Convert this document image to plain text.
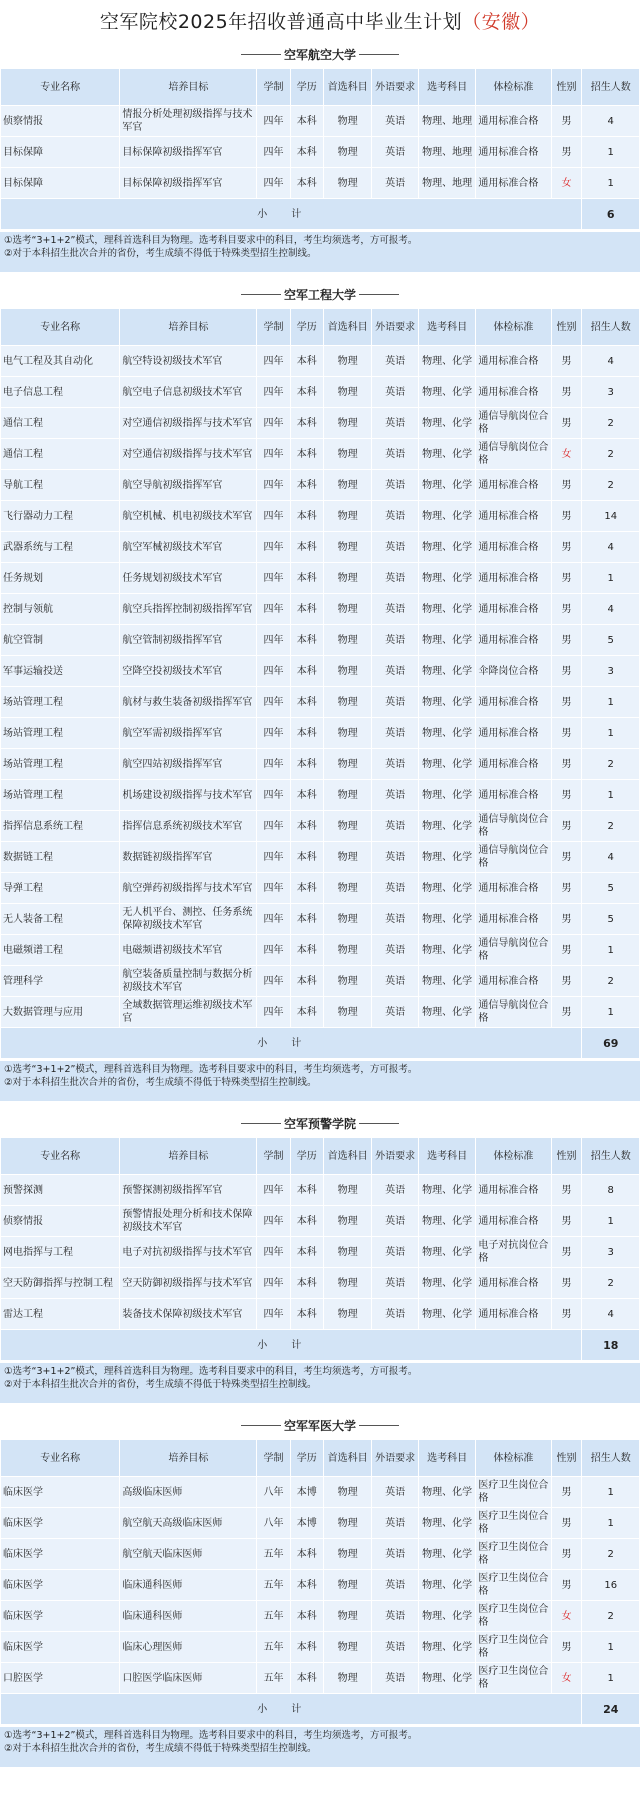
空军院校2025年招收普通高中毕业生计划 （安徽）
空军航空大学
专业名称	培养目标	学制	学历	首选科目	外语要求	选考科目	体检标准	性别	招生人数
侦察情报	情报分析处理初级指挥与技术军官	四年	本科	物理	英语	物理、地理	通用标准合格	男	4
目标保障	目标保障初级指挥军官	四年	本科	物理	英语	物理、地理	通用标准合格	男	1
目标保障	目标保障初级指挥军官	四年	本科	物理	英语	物理、地理	通用标准合格	女	1
小计									6
①选考“3+1+2”模式，理科首选科目为物理。选考科目要求中的科目，考生均须选考，方可报考。
②对于本科招生批次合并的省份，考生成绩不得低于特殊类型招生控制线。
空军工程大学
专业名称	培养目标	学制	学历	首选科目	外语要求	选考科目	体检标准	性别	招生人数
电气工程及其自动化	航空特设初级技术军官	四年	本科	物理	英语	物理、化学	通用标准合格	男	4
电子信息工程	航空电子信息初级技术军官	四年	本科	物理	英语	物理、化学	通用标准合格	男	3
通信工程	对空通信初级指挥与技术军官	四年	本科	物理	英语	物理、化学	通信导航岗位合格	男	2
通信工程	对空通信初级指挥与技术军官	四年	本科	物理	英语	物理、化学	通信导航岗位合格	女	2
导航工程	航空导航初级指挥军官	四年	本科	物理	英语	物理、化学	通用标准合格	男	2
飞行器动力工程	航空机械、机电初级技术军官	四年	本科	物理	英语	物理、化学	通用标准合格	男	14
武器系统与工程	航空军械初级技术军官	四年	本科	物理	英语	物理、化学	通用标准合格	男	4
任务规划	任务规划初级技术军官	四年	本科	物理	英语	物理、化学	通用标准合格	男	1
控制与领航	航空兵指挥控制初级指挥军官	四年	本科	物理	英语	物理、化学	通用标准合格	男	4
航空管制	航空管制初级指挥军官	四年	本科	物理	英语	物理、化学	通用标准合格	男	5
军事运输投送	空降空投初级技术军官	四年	本科	物理	英语	物理、化学	伞降岗位合格	男	3
场站管理工程	航材与救生装备初级指挥军官	四年	本科	物理	英语	物理、化学	通用标准合格	男	1
场站管理工程	航空军需初级指挥军官	四年	本科	物理	英语	物理、化学	通用标准合格	男	1
场站管理工程	航空四站初级指挥军官	四年	本科	物理	英语	物理、化学	通用标准合格	男	2
场站管理工程	机场建设初级指挥与技术军官	四年	本科	物理	英语	物理、化学	通用标准合格	男	1
指挥信息系统工程	指挥信息系统初级技术军官	四年	本科	物理	英语	物理、化学	通信导航岗位合格	男	2
数据链工程	数据链初级指挥军官	四年	本科	物理	英语	物理、化学	通信导航岗位合格	男	4
导弹工程	航空弹药初级指挥与技术军官	四年	本科	物理	英语	物理、化学	通用标准合格	男	5
无人装备工程	无人机平台、测控、任务系统保障初级技术军官	四年	本科	物理	英语	物理、化学	通用标准合格	男	5
电磁频谱工程	电磁频谱初级技术军官	四年	本科	物理	英语	物理、化学	通信导航岗位合格	男	1
管理科学	航空装备质量控制与数据分析初级技术军官	四年	本科	物理	英语	物理、化学	通用标准合格	男	2
大数据管理与应用	全域数据管理运维初级技术军官	四年	本科	物理	英语	物理、化学	通信导航岗位合格	男	1
小计									69
①选考“3+1+2”模式，理科首选科目为物理。选考科目要求中的科目，考生均须选考，方可报考。
②对于本科招生批次合并的省份，考生成绩不得低于特殊类型招生控制线。
空军预警学院
专业名称	培养目标	学制	学历	首选科目	外语要求	选考科目	体检标准	性别	招生人数
预警探测	预警探测初级指挥军官	四年	本科	物理	英语	物理、化学	通用标准合格	男	8
侦察情报	预警情报处理分析和技术保障初级技术军官	四年	本科	物理	英语	物理、化学	通用标准合格	男	1
网电指挥与工程	电子对抗初级指挥与技术军官	四年	本科	物理	英语	物理、化学	电子对抗岗位合格	男	3
空天防御指挥与控制工程	空天防御初级指挥与技术军官	四年	本科	物理	英语	物理、化学	通用标准合格	男	2
雷达工程	装备技术保障初级技术军官	四年	本科	物理	英语	物理、化学	通用标准合格	男	4
小计									18
①选考“3+1+2”模式，理科首选科目为物理。选考科目要求中的科目，考生均须选考，方可报考。
②对于本科招生批次合并的省份，考生成绩不得低于特殊类型招生控制线。
空军军医大学
专业名称	培养目标	学制	学历	首选科目	外语要求	选考科目	体检标准	性别	招生人数
临床医学	高级临床医师	八年	本博	物理	英语	物理、化学	医疗卫生岗位合格	男	1
临床医学	航空航天高级临床医师	八年	本博	物理	英语	物理、化学	医疗卫生岗位合格	男	1
临床医学	航空航天临床医师	五年	本科	物理	英语	物理、化学	医疗卫生岗位合格	男	2
临床医学	临床通科医师	五年	本科	物理	英语	物理、化学	医疗卫生岗位合格	男	16
临床医学	临床通科医师	五年	本科	物理	英语	物理、化学	医疗卫生岗位合格	女	2
临床医学	临床心理医师	五年	本科	物理	英语	物理、化学	医疗卫生岗位合格	男	1
口腔医学	口腔医学临床医师	五年	本科	物理	英语	物理、化学	医疗卫生岗位合格	女	1
小计									24
①选考“3+1+2”模式，理科首选科目为物理。选考科目要求中的科目，考生均须选考，方可报考。
②对于本科招生批次合并的省份，考生成绩不得低于特殊类型招生控制线。
